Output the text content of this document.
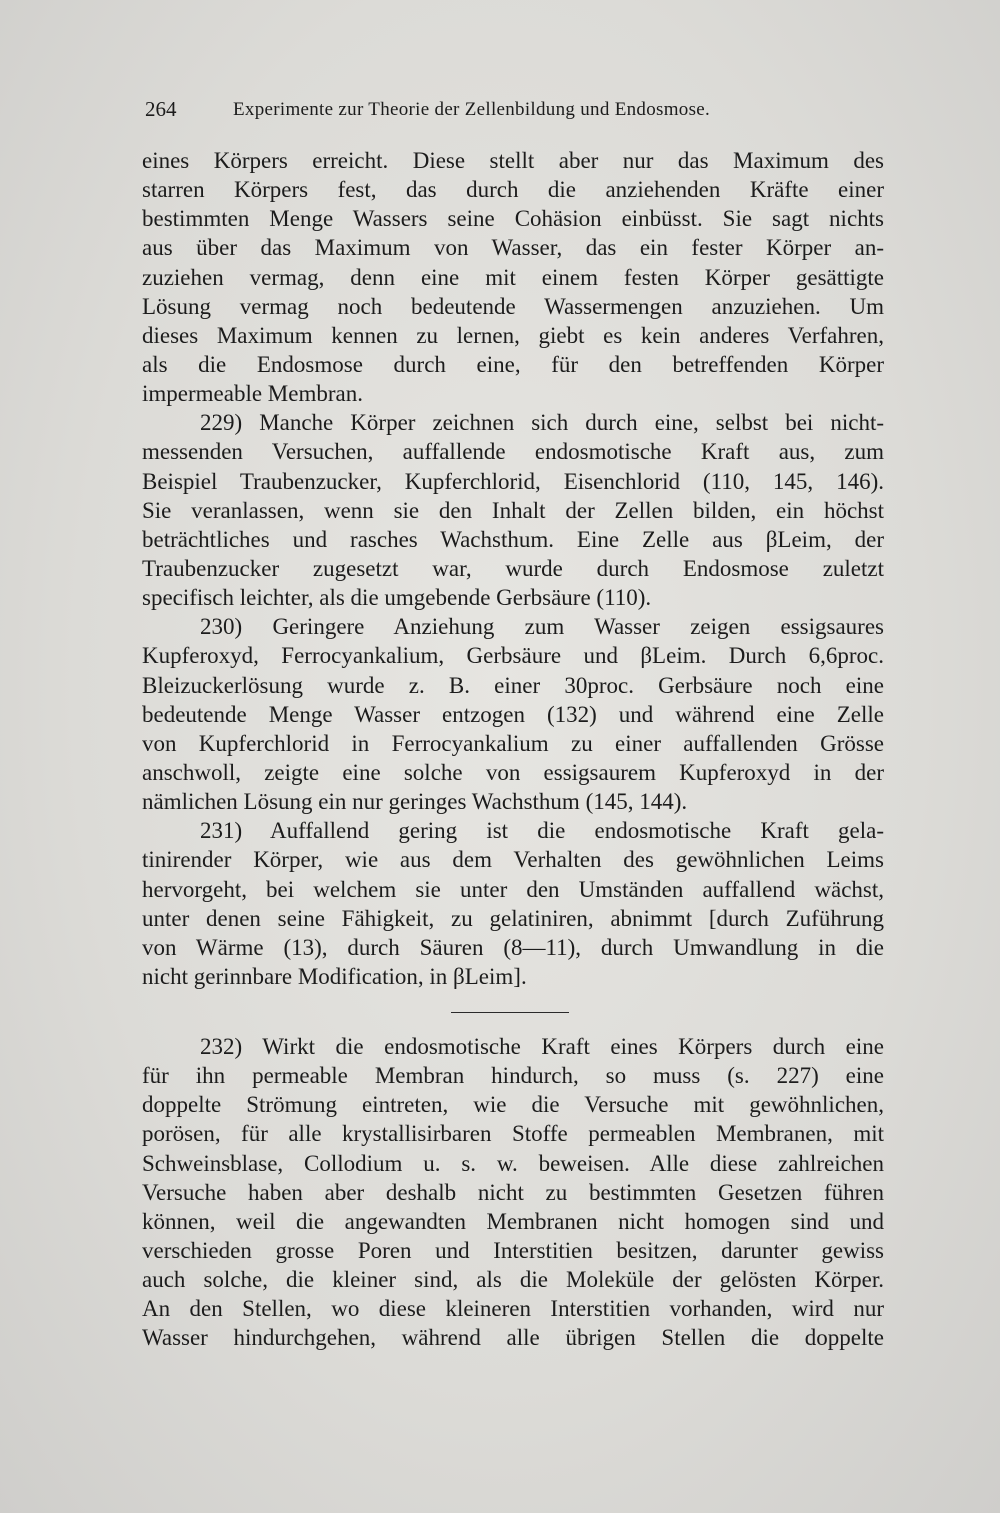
264	Experimente zur Theorie der Zellenbildung und Endosmose.
eines Körpers erreicht. Diese stellt aber nur das Maximum des
starren Körpers fest, das durch die anziehenden Kräfte einer
bestimmten Menge Wassers seine Cohäsion einbüsst. Sie sagt nichts
aus über das Maximum von Wasser, das ein fester Körper an-
zuziehen vermag, denn eine mit einem festen Körper gesättigte
Lösung vermag noch bedeutende Wassermengen anzuziehen. Um
dieses Maximum kennen zu lernen, giebt es kein anderes Verfahren,
als die Endosmose durch eine, für den betreffenden Körper
impermeable Membran.
229) Manche Körper zeichnen sich durch eine, selbst bei nicht-
messenden Versuchen, auffallende endosmotische Kraft aus, zum
Beispiel Traubenzucker, Kupferchlorid, Eisenchlorid (110, 145, 146).
Sie veranlassen, wenn sie den Inhalt der Zellen bilden, ein höchst
beträchtliches und rasches Wachsthum. Eine Zelle aus βLeim, der
Traubenzucker zugesetzt war, wurde durch Endosmose zuletzt
specifisch leichter, als die umgebende Gerbsäure (110).
230) Geringere Anziehung zum Wasser zeigen essigsaures
Kupferoxyd, Ferrocyankalium, Gerbsäure und βLeim. Durch 6,6proc.
Bleizuckerlösung wurde z. B. einer 30proc. Gerbsäure noch eine
bedeutende Menge Wasser entzogen (132) und während eine Zelle
von Kupferchlorid in Ferrocyankalium zu einer auffallenden Grösse
anschwoll, zeigte eine solche von essigsaurem Kupferoxyd in der
nämlichen Lösung ein nur geringes Wachsthum (145, 144).
231) Auffallend gering ist die endosmotische Kraft gela-
tinirender Körper, wie aus dem Verhalten des gewöhnlichen Leims
hervorgeht, bei welchem sie unter den Umständen auffallend wächst,
unter denen seine Fähigkeit, zu gelatiniren, abnimmt [durch Zuführung
von Wärme (13), durch Säuren (8—11), durch Umwandlung in die
nicht gerinnbare Modification, in βLeim].
232) Wirkt die endosmotische Kraft eines Körpers durch eine
für ihn permeable Membran hindurch, so muss (s. 227) eine
doppelte Strömung eintreten, wie die Versuche mit gewöhnlichen,
porösen, für alle krystallisirbaren Stoffe permeablen Membranen, mit
Schweinsblase, Collodium u. s. w. beweisen. Alle diese zahlreichen
Versuche haben aber deshalb nicht zu bestimmten Gesetzen führen
können, weil die angewandten Membranen nicht homogen sind und
verschieden grosse Poren und Interstitien besitzen, darunter gewiss
auch solche, die kleiner sind, als die Moleküle der gelösten Körper.
An den Stellen, wo diese kleineren Interstitien vorhanden, wird nur
Wasser hindurchgehen, während alle übrigen Stellen die doppelte
